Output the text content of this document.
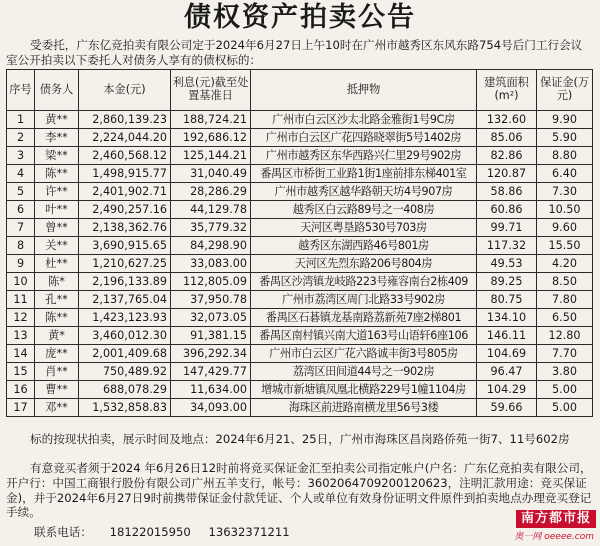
债权资产拍卖公告
受委托，广东亿竞拍卖有限公司定于2024年6月27日上午10时在广州市越秀区东风东路754号后门工行会议室公开拍卖以下委托人对债务人享有的债权标的：
序号	债务人	本金(元)	利息(元)截至处置基准日	抵押物	建筑面积(m²)	保证金(万元)
1	黄**	2,860,139.23	188,724.21	广州市白云区沙太北路金雅街1号9C房	132.60	9.90
2	李**	2,224,044.20	192,686.12	广州市白云区广花四路晓翠街5号1402房	85.06	5.90
3	梁**	2,460,568.12	125,144.21	广州市越秀区东华西路兴仁里29号902房	82.86	8.80
4	陈**	1,498,915.77	31,040.49	番禺区市桥街工业路1街1座前排东梯401室	120.87	6.40
5	许**	2,401,902.71	28,286.29	广州市越秀区越华路朝天坊4号907房	58.86	7.30
6	叶**	2,490,257.16	44,129.78	越秀区白云路89号之一408房	60.86	10.50
7	曾**	2,138,362.76	35,779.32	天河区粤垦路530号703房	99.71	9.60
8	关**	3,690,915.65	84,298.90	越秀区东湖西路46号801房	117.32	15.50
9	杜**	1,210,627.25	33,083.00	天河区先烈东路206号804房	49.53	4.20
10	陈*	2,196,133.89	112,805.09	番禺区沙湾镇龙岐路223号雍容南台2栋409	89.25	8.50
11	孔**	2,137,765.04	37,950.78	广州市荔湾区周门北路33号902房	80.75	7.80
12	陈**	1,423,123.93	32,073.05	番禺区石碁镇龙基南路荔新苑7座2梯801	134.10	6.50
13	黄*	3,460,012.30	91,381.15	番禺区南村镇兴南大道163号山语轩6座106	146.11	12.80
14	庞**	2,001,409.68	396,292.34	广州市白云区广花六路诚丰街3号805房	104.69	7.70
15	肖**	750,489.92	147,429.77	荔湾区田间道44号之一902房	96.47	3.80
16	曹**	688,078.29	11,634.00	增城市新塘镇凤凰北横路229号1幢1104房	104.29	5.00
17	邓**	1,532,858.83	34,093.00	海珠区前进路南横龙里56号3楼	59.66	5.00
标的按现状拍卖，展示时间及地点：2024年6月21、25日，广州市海珠区昌岗路侨苑一街7、11号602房
有意竞买者须于2024 年6月26日12时前将竞买保证金汇至拍卖公司指定帐户(户名：广东亿竞拍卖有限公司，开户行：中国工商银行股份有限公司广州五羊支行，帐号：3602064709200120623，注明汇款用途：竞买保证金)，并于2024年6月27日9时前携带保证金付款凭证、个人或单位有效身份证明文件原件到拍卖地点办理竞买登记手续。
联系电话： 18122015950 13632371211
南方都市报
奥一网 oeeee.com
